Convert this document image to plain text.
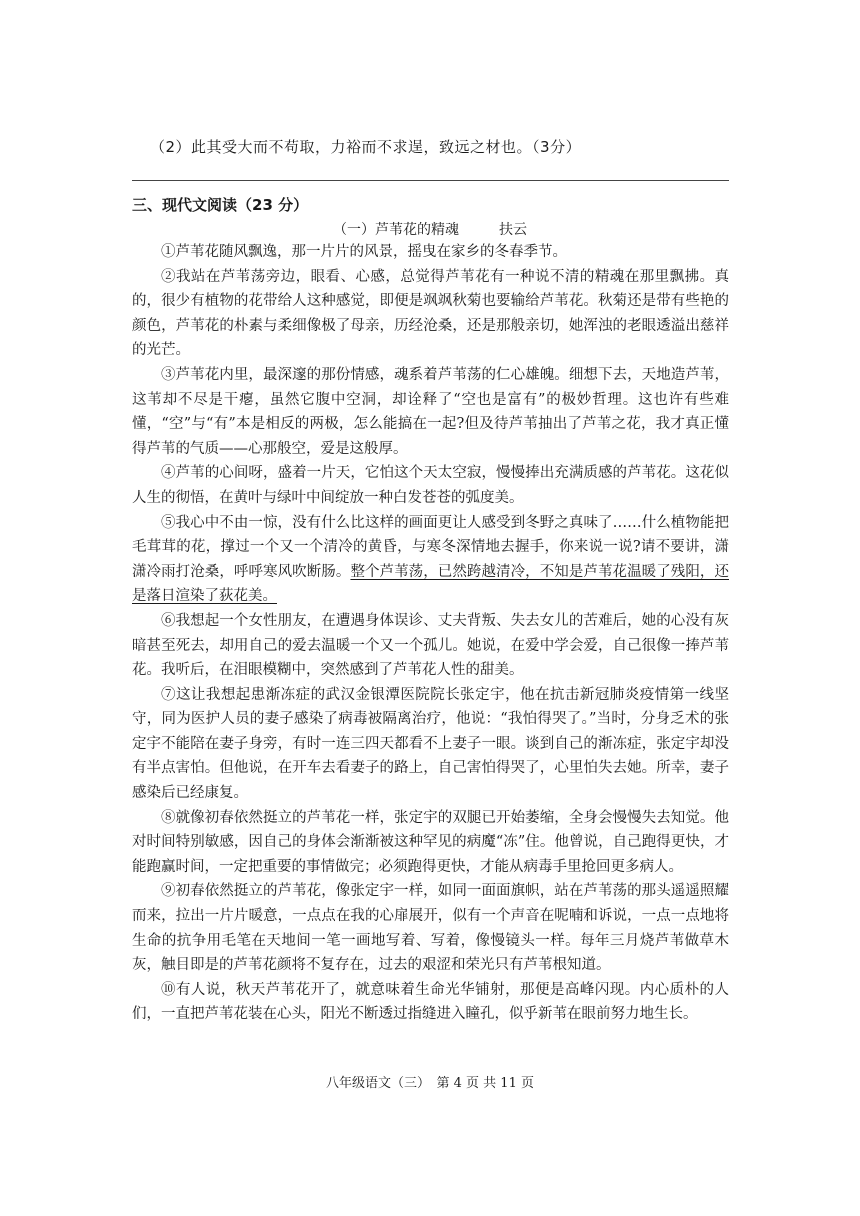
（2）此其受大而不苟取，力裕而不求逞，致远之材也。（3分）
三、现代文阅读（23 分）
（一）芦苇花的精魂	扶云

①芦苇花随风飘逸，那一片片的风景，摇曳在家乡的冬春季节。

②我站在芦苇荡旁边，眼看、心感，总觉得芦苇花有一种说不清的精魂在那里飘拂。真的，很少有植物的花带给人这种感觉，即便是飒飒秋菊也要输给芦苇花。秋菊还是带有些艳的颜色，芦苇花的朴素与柔细像极了母亲，历经沧桑，还是那般亲切，她浑浊的老眼透溢出慈祥的光芒。

③芦苇花内里，最深邃的那份情感，魂系着芦苇荡的仁心雄魄。细想下去，天地造芦苇，这苇却不尽是干瘪，虽然它腹中空洞，却诠释了“空也是富有”的极妙哲理。这也许有些难懂，“空”与“有”本是相反的两极，怎么能搞在一起?但及待芦苇抽出了芦苇之花，我才真正懂得芦苇的气质——心那般空，爱是这般厚。

④芦苇的心间呀，盛着一片天，它怕这个天太空寂，慢慢捧出充满质感的芦苇花。这花似人生的彻悟，在黄叶与绿叶中间绽放一种白发苍苍的弧度美。

⑤我心中不由一惊，没有什么比这样的画面更让人感受到冬野之真味了……什么植物能把毛茸茸的花，撑过一个又一个清冷的黄昏，与寒冬深情地去握手，你来说一说?请不要讲，潇潇冷雨打沧桑，呼呼寒风吹断肠。整个芦苇荡，已然跨越清冷，不知是芦苇花温暖了残阳，还是落日渲染了荻花美。

⑥我想起一个女性朋友，在遭遇身体误诊、丈夫背叛、失去女儿的苦难后，她的心没有灰暗甚至死去，却用自己的爱去温暖一个又一个孤儿。她说，在爱中学会爱，自己很像一捧芦苇花。我听后，在泪眼模糊中，突然感到了芦苇花人性的甜美。

⑦这让我想起患渐冻症的武汉金银潭医院院长张定宇，他在抗击新冠肺炎疫情第一线坚守，同为医护人员的妻子感染了病毒被隔离治疗，他说：“我怕得哭了。”当时，分身乏术的张定宇不能陪在妻子身旁，有时一连三四天都看不上妻子一眼。谈到自己的渐冻症，张定宇却没有半点害怕。但他说，在开车去看妻子的路上，自己害怕得哭了，心里怕失去她。所幸，妻子感染后已经康复。

⑧就像初春依然挺立的芦苇花一样，张定宇的双腿已开始萎缩，全身会慢慢失去知觉。他对时间特别敏感，因自己的身体会渐渐被这种罕见的病魔“冻”住。他曾说，自己跑得更快，才能跑赢时间，一定把重要的事情做完；必须跑得更快，才能从病毒手里抢回更多病人。

⑨初春依然挺立的芦苇花，像张定宇一样，如同一面面旗帜，站在芦苇荡的那头遥遥照耀而来，拉出一片片暖意，一点点在我的心扉展开，似有一个声音在呢喃和诉说，一点一点地将生命的抗争用毛笔在天地间一笔一画地写着、写着，像慢镜头一样。每年三月烧芦苇做草木灰，触目即是的芦苇花颜将不复存在，过去的艰涩和荣光只有芦苇根知道。

⑩有人说，秋天芦苇花开了，就意味着生命光华铺射，那便是高峰闪现。内心质朴的人们，一直把芦苇花装在心头，阳光不断透过指缝进入瞳孔，似乎新苇在眼前努力地生长。

八年级语文（三）　第 4 页 共 11 页
